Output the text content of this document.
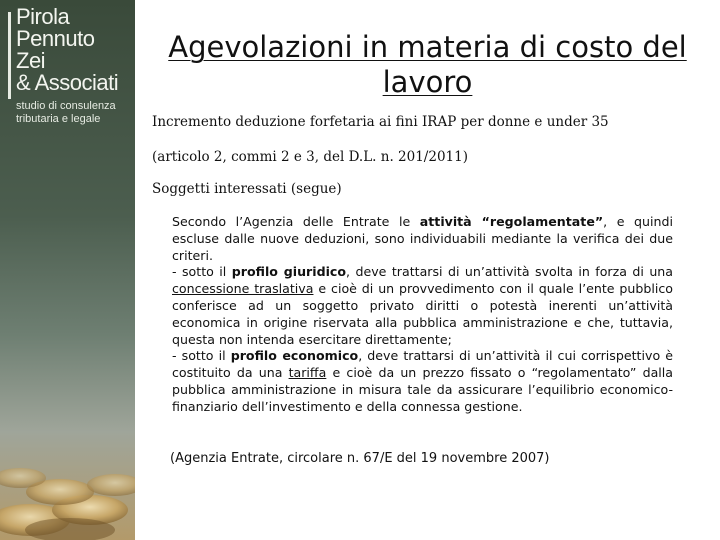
Pirola
Pennuto
Zei
& Associati
studio di consulenza
tributaria e legale
Agevolazioni in materia di costo del
lavoro
Incremento deduzione forfetaria ai fini IRAP per donne e under 35
(articolo 2, commi 2 e 3, del D.L. n. 201/2011)
Soggetti interessati (segue)

Secondo l’Agenzia delle Entrate le attività “regolamentate”, e quindi escluse dalle nuove deduzioni, sono individuabili mediante la verifica dei due criteri.

- sotto il profilo giuridico, deve trattarsi di un’attività svolta in forza di una concessione traslativa e cioè di un provvedimento con il quale l’ente pubblico conferisce ad un soggetto privato diritti o potestà inerenti un’attività economica in origine riservata alla pubblica amministrazione e che, tuttavia, questa non intenda esercitare direttamente;

- sotto il profilo economico, deve trattarsi di un’attività il cui corrispettivo è costituito da una tariffa e cioè da un prezzo fissato o “regolamentato” dalla pubblica amministrazione in misura tale da assicurare l’equilibrio economico-finanziario dell’investimento e della connessa gestione.

(Agenzia Entrate, circolare n. 67/E del 19 novembre 2007)
